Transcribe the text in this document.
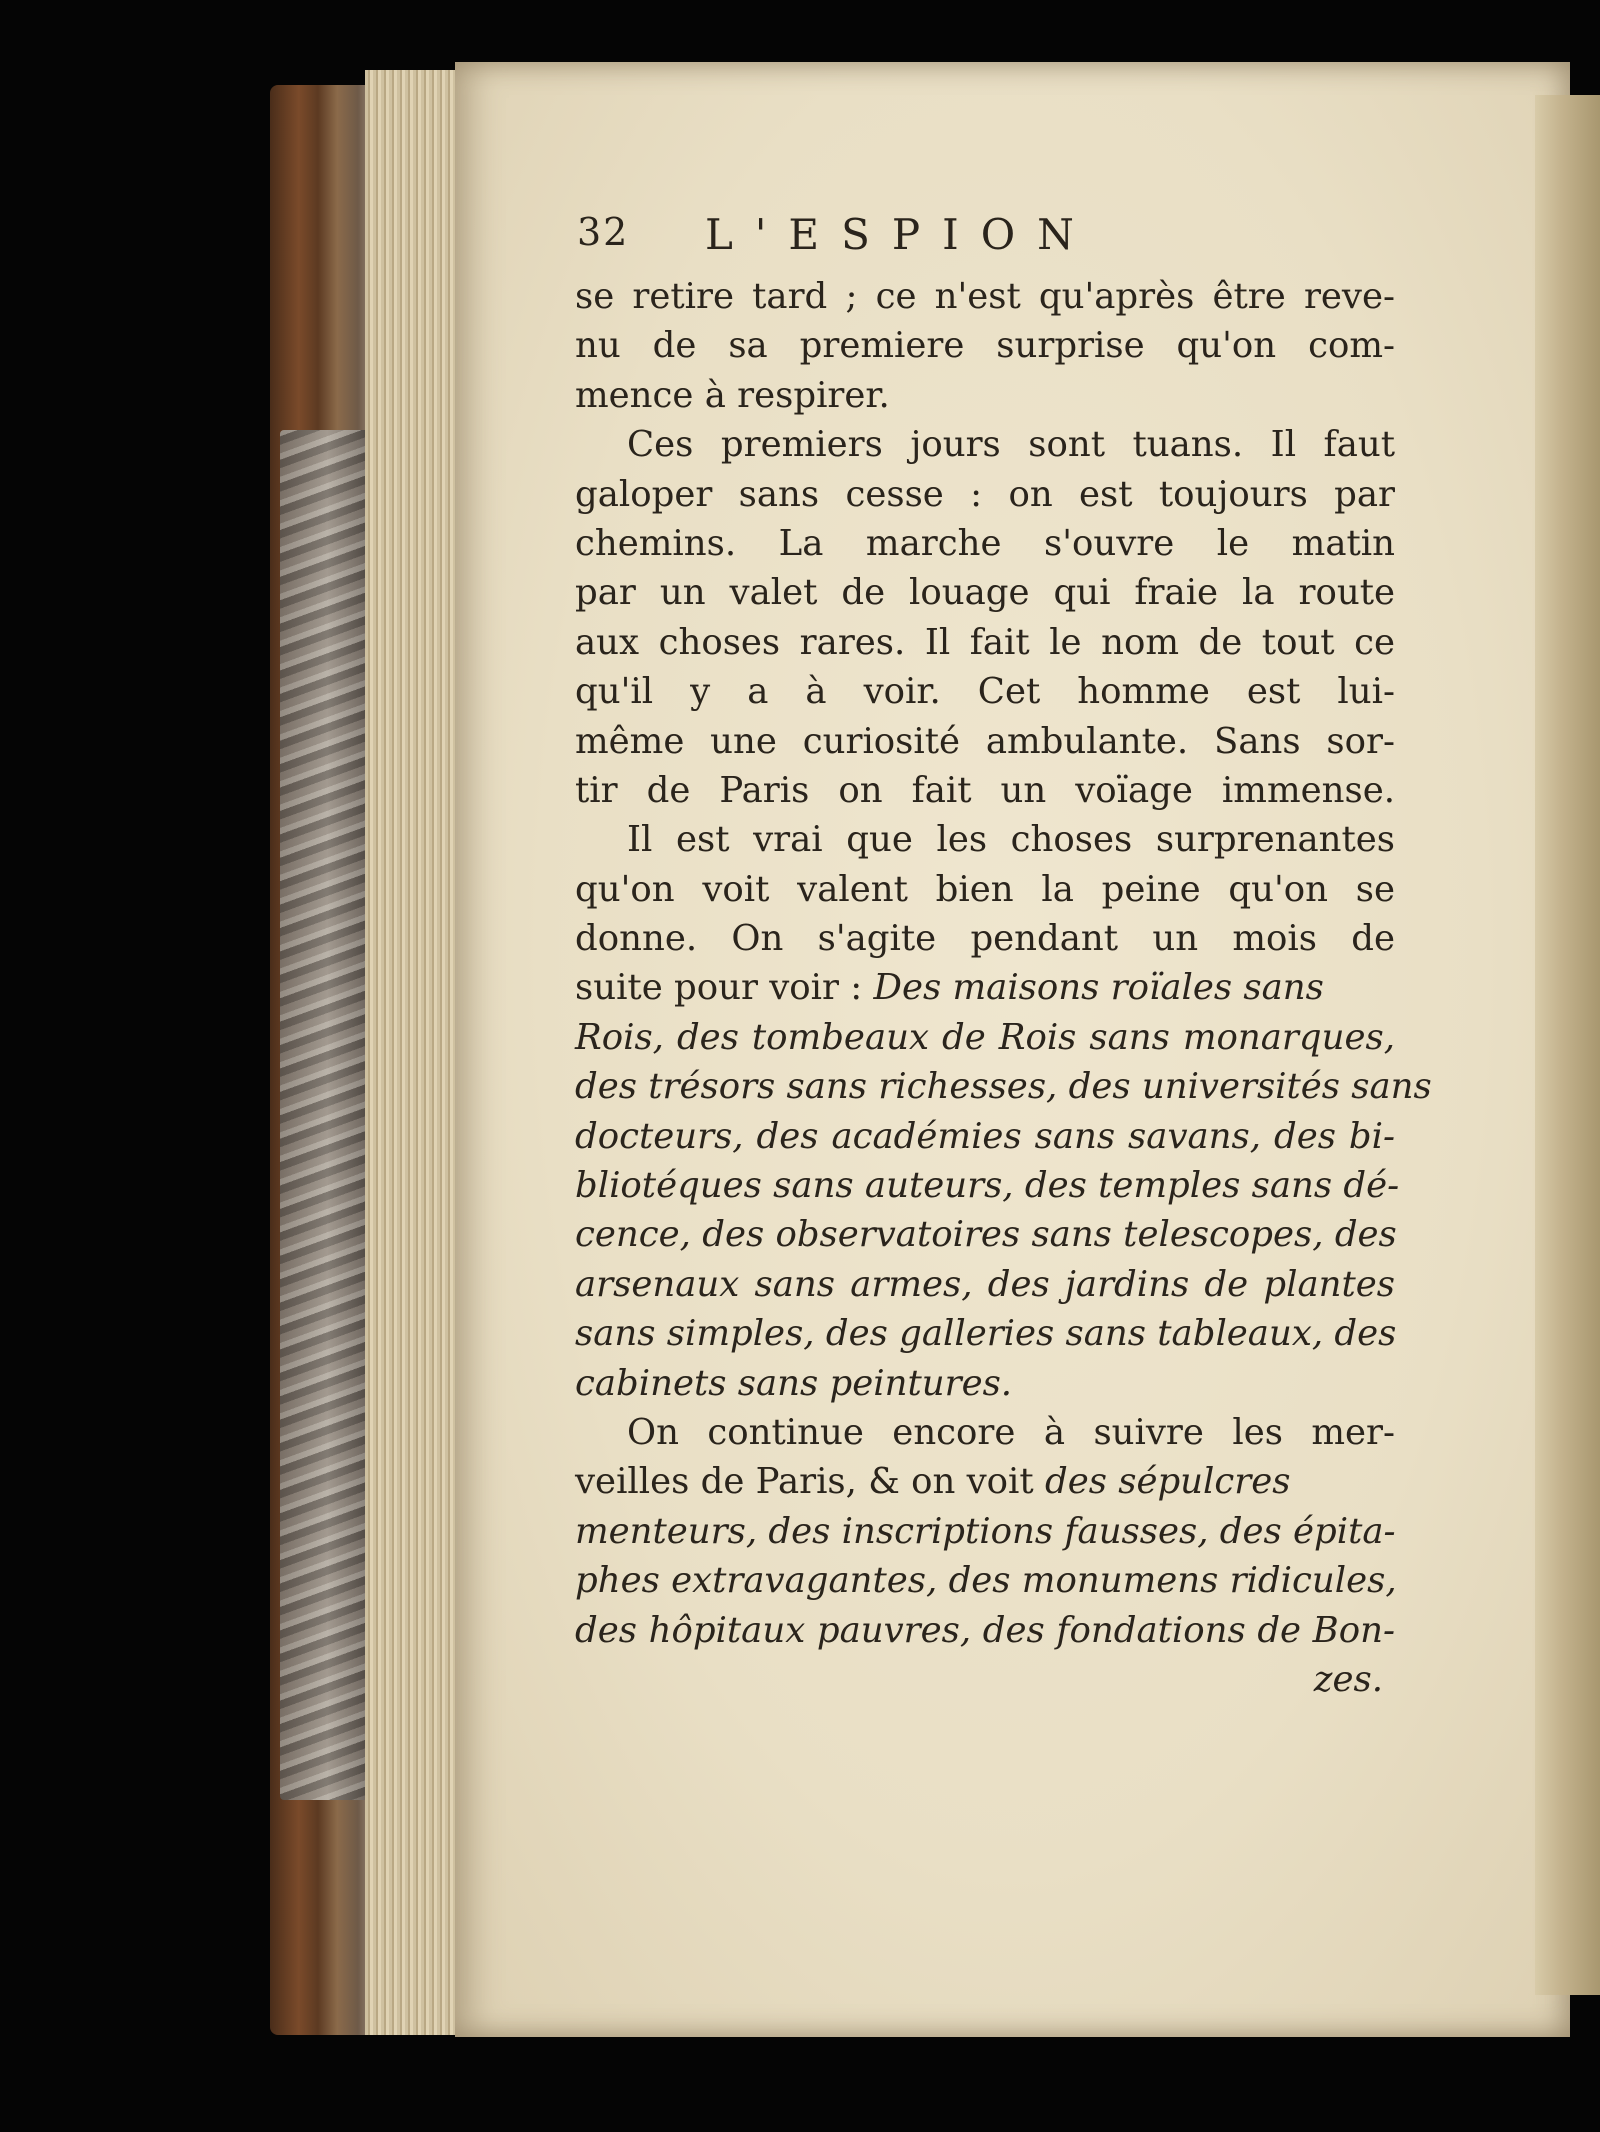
32 L'ESPION
se retire tard ; ce n'est qu'après être reve-
nu de sa premiere surprise qu'on com-
mence à respirer.
Ces premiers jours sont tuans. Il faut
galoper sans cesse : on est toujours par
chemins. La marche s'ouvre le matin
par un valet de louage qui fraie la route
aux choses rares. Il fait le nom de tout ce
qu'il y a à voir. Cet homme est lui-
même une curiosité ambulante. Sans sor-
tir de Paris on fait un voïage immense.
Il est vrai que les choses surprenantes
qu'on voit valent bien la peine qu'on se
donne. On s'agite pendant un mois de
suite pour voir : Des maisons roïales sans
Rois, des tombeaux de Rois sans monarques,
des trésors sans richesses, des universités sans
docteurs, des académies sans savans, des bi-
bliotéques sans auteurs, des temples sans dé-
cence, des observatoires sans telescopes, des
arsenaux sans armes, des jardins de plantes
sans simples, des galleries sans tableaux, des
cabinets sans peintures.
On continue encore à suivre les mer-
veilles de Paris, & on voit des sépulcres
menteurs, des inscriptions fausses, des épita-
phes extravagantes, des monumens ridicules,
des hôpitaux pauvres, des fondations de Bon-
zes.
